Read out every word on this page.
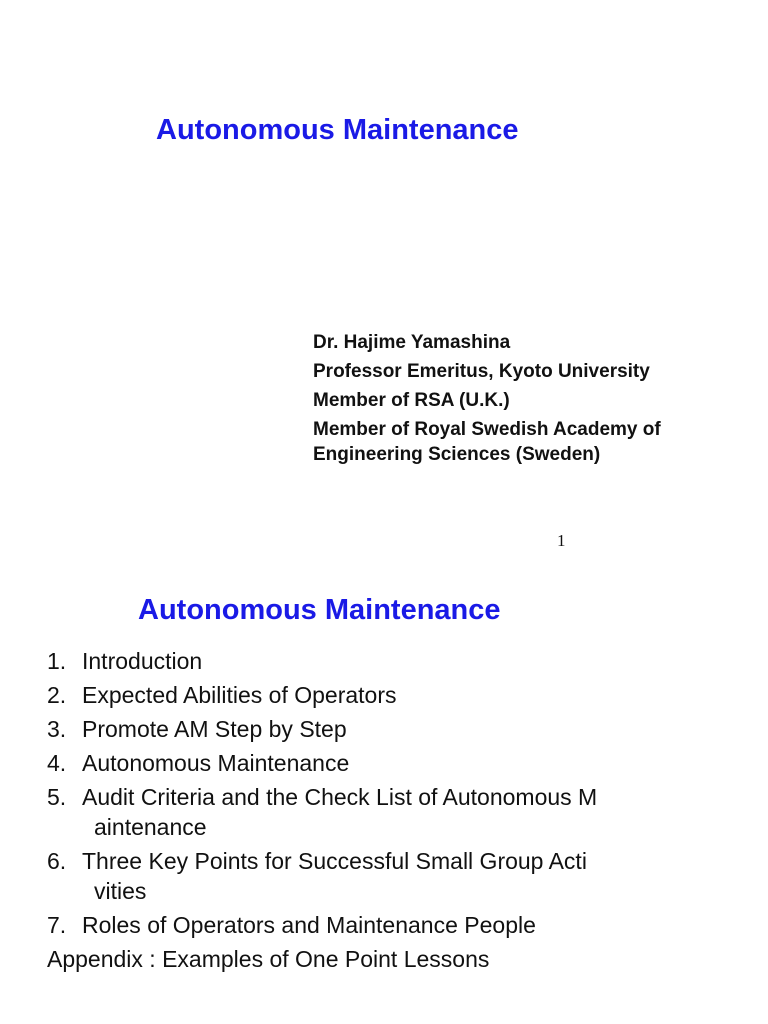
Autonomous Maintenance
Dr. Hajime Yamashina
Professor Emeritus, Kyoto University
Member of RSA (U.K.)
Member of Royal Swedish Academy of
Engineering Sciences (Sweden)
1
Autonomous Maintenance
1. Introduction
2. Expected Abilities of Operators
3. Promote AM Step by Step
4. Autonomous Maintenance
5. Audit Criteria and the Check List of Autonomous M
aintenance
6. Three Key Points for Successful Small Group Acti
vities
7. Roles of Operators and Maintenance People
Appendix : Examples of One Point Lessons
